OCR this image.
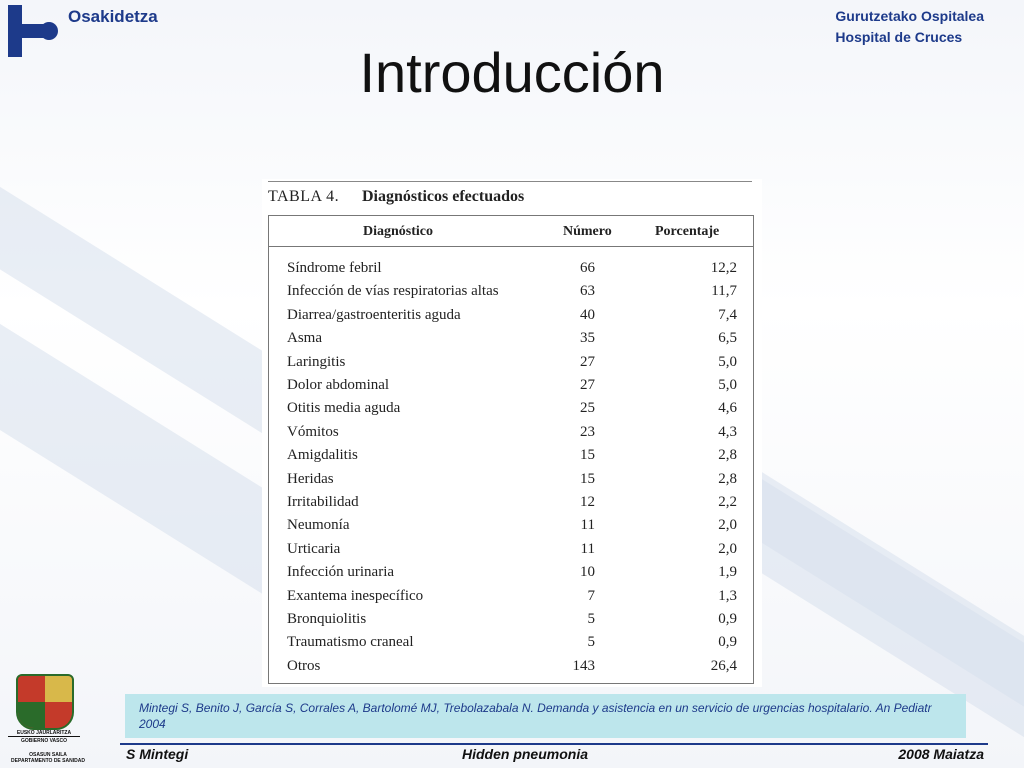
Osakidetza	Gurutzetako Ospitalea
Hospital de Cruces
Introducción
TABLA 4. Diagnósticos efectuados
Diagnóstico	Número	Porcentaje
Síndrome febril	66	12,2
Infección de vías respiratorias altas	63	11,7
Diarrea/gastroenteritis aguda	40	7,4
Asma	35	6,5
Laringitis	27	5,0
Dolor abdominal	27	5,0
Otitis media aguda	25	4,6
Vómitos	23	4,3
Amigdalitis	15	2,8
Heridas	15	2,8
Irritabilidad	12	2,2
Neumonía	11	2,0
Urticaria	11	2,0
Infección urinaria	10	1,9
Exantema inespecífico	7	1,3
Bronquiolitis	5	0,9
Traumatismo craneal	5	0,9
Otros	143	26,4
Mintegi S, Benito J, García S, Corrales A, Bartolomé MJ, Trebolazabala N. Demanda y asistencia en un servicio de urgencias hospitalario. An Pediatr 2004
EUSKO JAURLARITZA
GOBIERNO VASCO
OSASUN SAILA
DEPARTAMENTO DE SANIDAD	S Mintegi	Hidden pneumonia	2008 Maiatza
